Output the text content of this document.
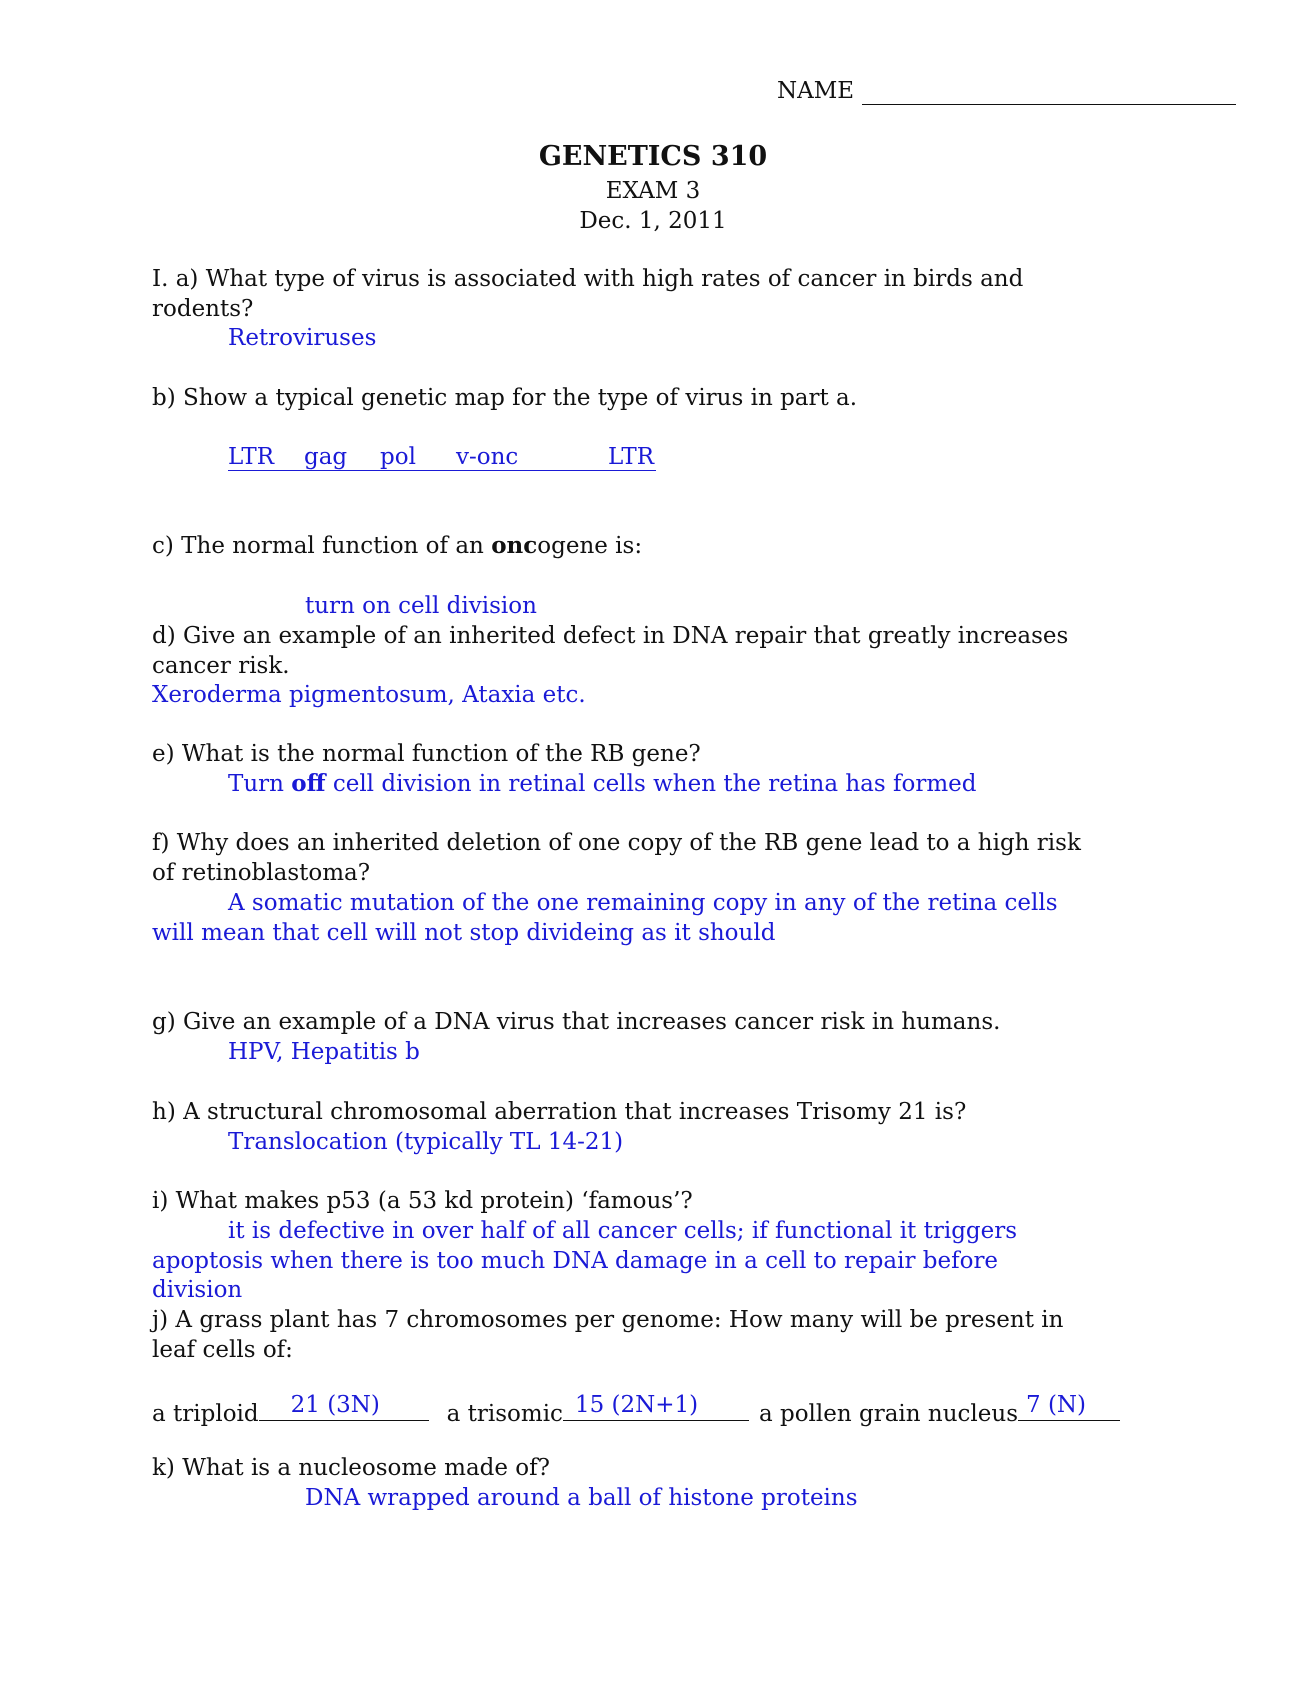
NAME
GENETICS 310
EXAM 3
Dec. 1, 2011
I. a) What type of virus is associated with high rates of cancer in birds and
rodents?
Retroviruses
b) Show a typical genetic map for the type of virus in part a.
LTR gag pol v-onc	LTR
c) The normal function of an oncogene is:
turn on cell division
d) Give an example of an inherited defect in DNA repair that greatly increases
cancer risk.
Xeroderma pigmentosum, Ataxia etc.
e) What is the normal function of the RB gene?
Turn off cell division in retinal cells when the retina has formed
f) Why does an inherited deletion of one copy of the RB gene lead to a high risk
of retinoblastoma?
A somatic mutation of the one remaining copy in any of the retina cells
will mean that cell will not stop divideing as it should
g) Give an example of a DNA virus that increases cancer risk in humans.
HPV, Hepatitis b
h) A structural chromosomal aberration that increases Trisomy 21 is?
Translocation (typically TL 14-21)
i) What makes p53 (a 53 kd protein) ‘famous’?
it is defective in over half of all cancer cells; if functional it triggers
apoptosis when there is too much DNA damage in a cell to repair before
division
j) A grass plant has 7 chromosomes per genome: How many will be present in
leaf cells of:
a triploid 21 (3N)	a trisomic 15 (2N+1)	a pollen grain nucleus 7 (N)
k) What is a nucleosome made of?
DNA wrapped around a ball of histone proteins
